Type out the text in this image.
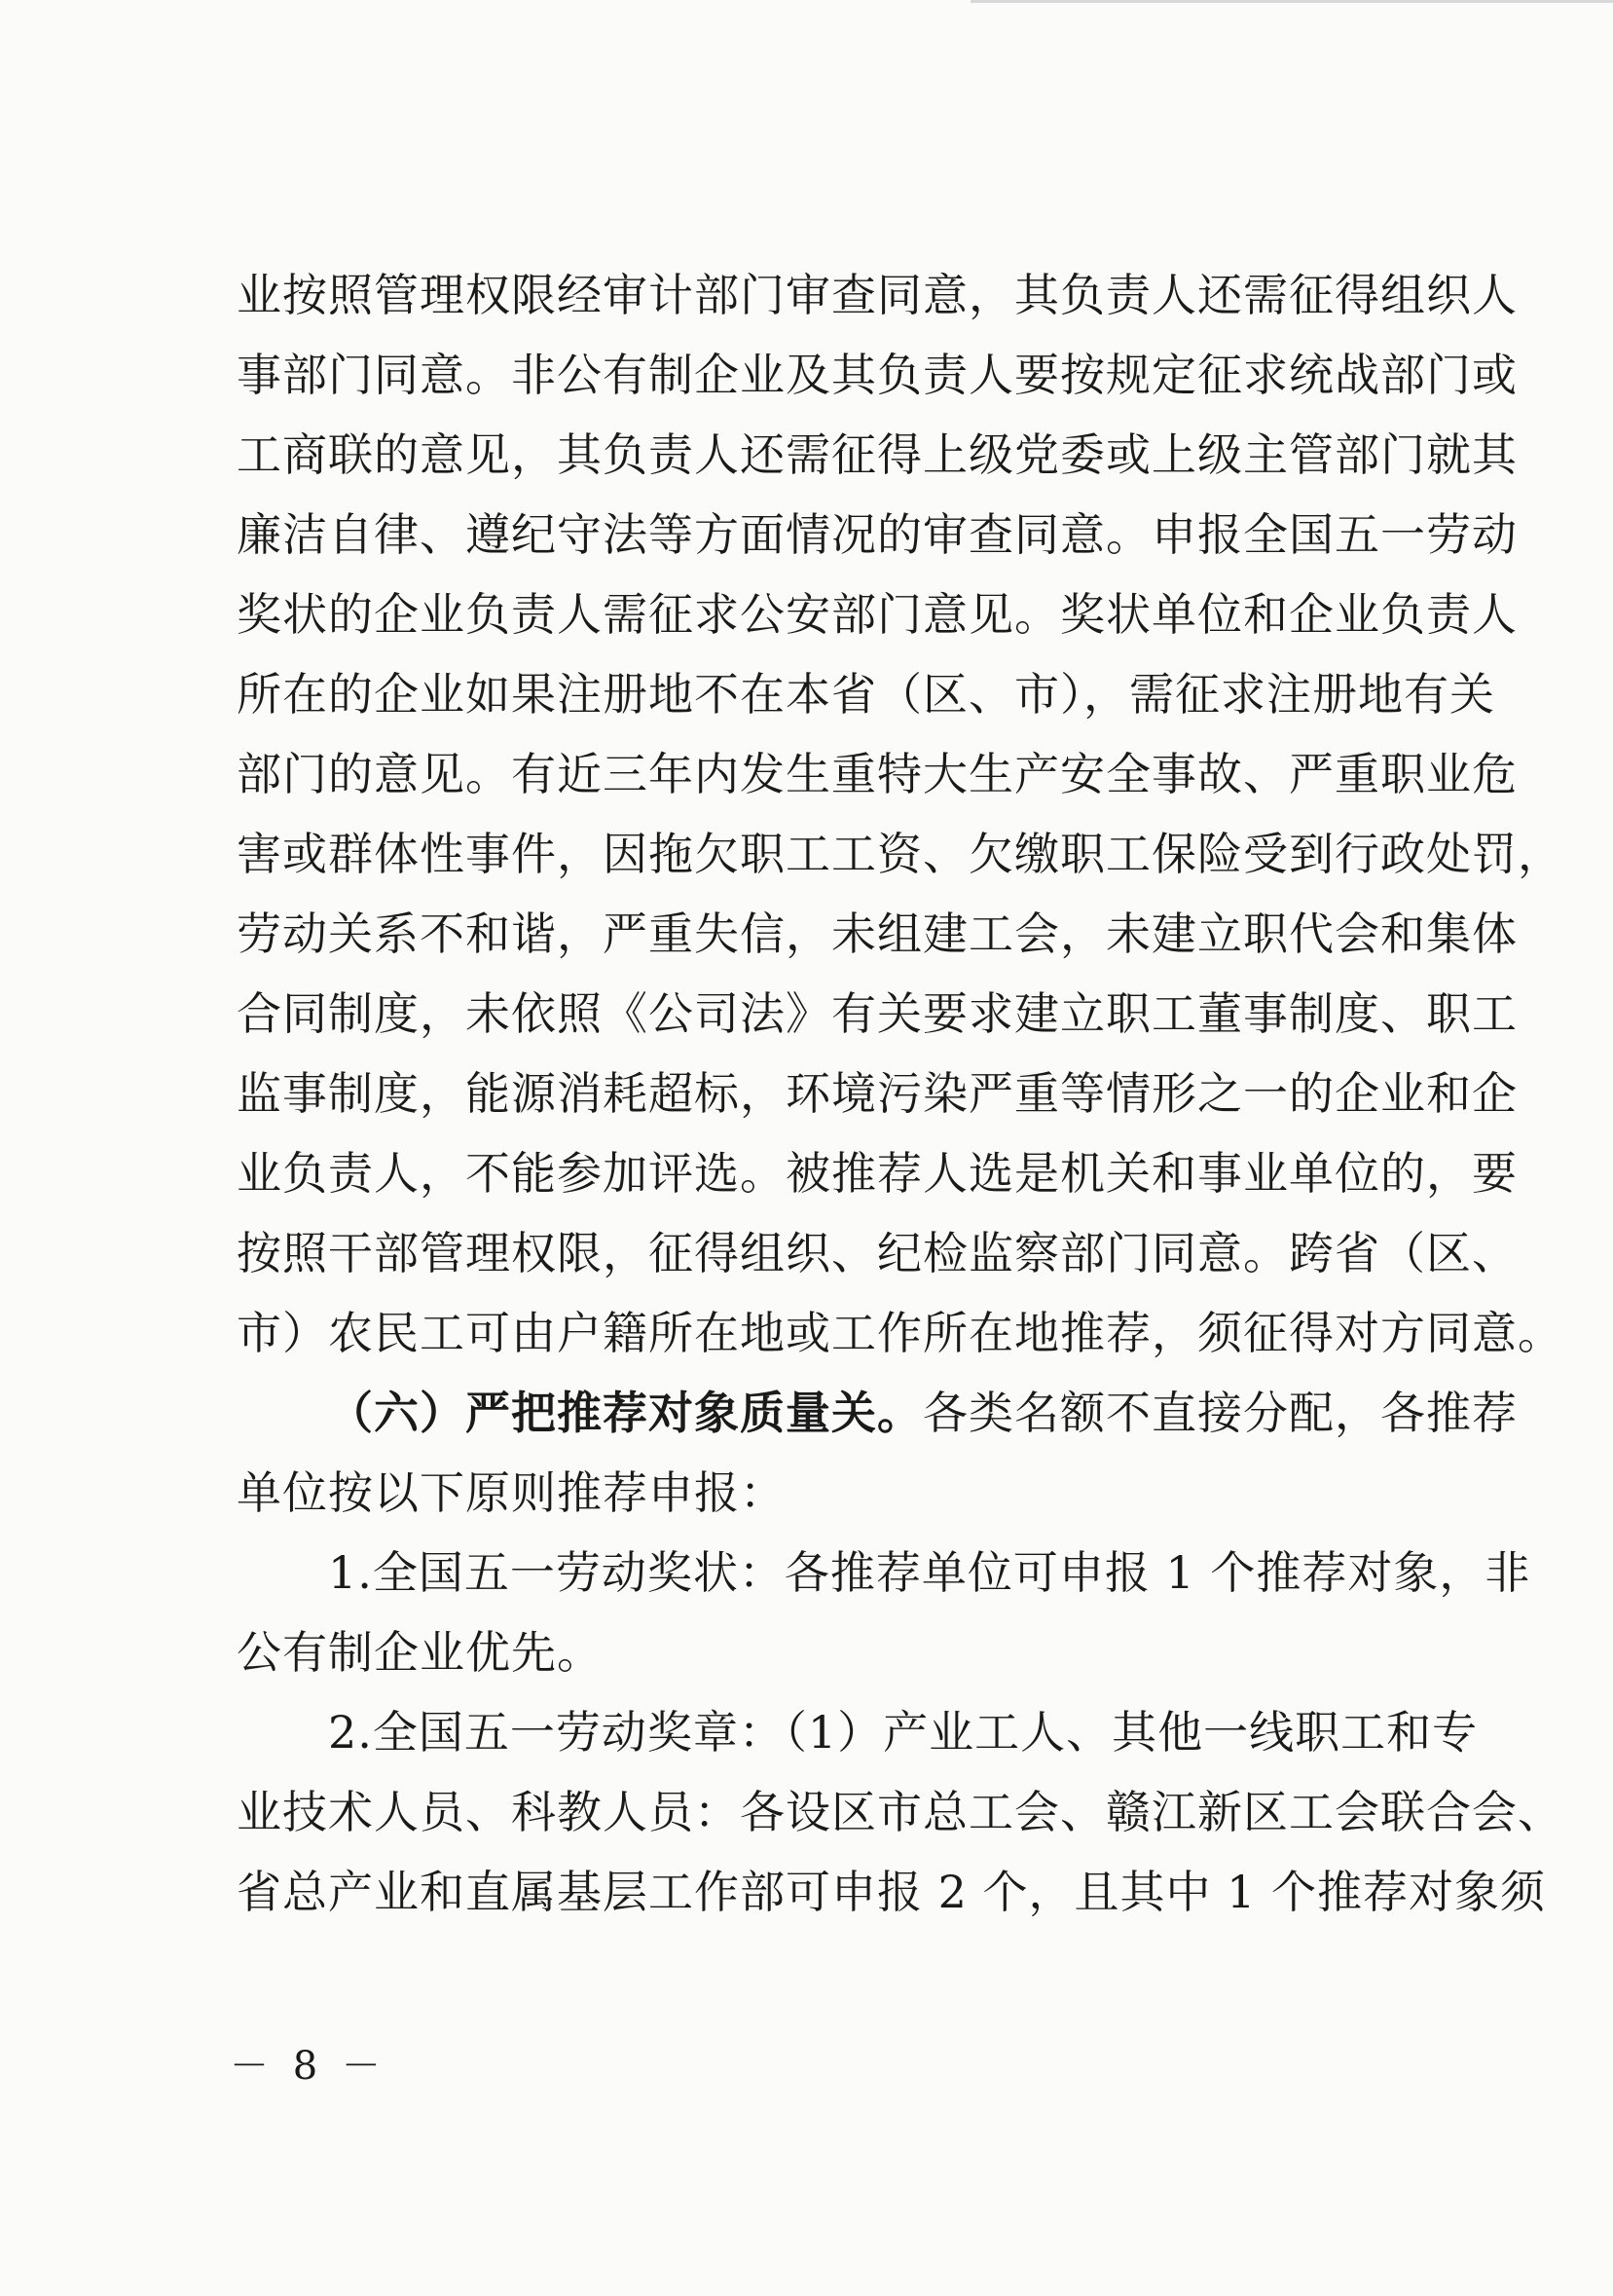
业按照管理权限经审计部门审查同意，其负责人还需征得组织人
事部门同意。非公有制企业及其负责人要按规定征求统战部门或
工商联的意见，其负责人还需征得上级党委或上级主管部门就其
廉洁自律、遵纪守法等方面情况的审查同意。申报全国五一劳动
奖状的企业负责人需征求公安部门意见。奖状单位和企业负责人
所在的企业如果注册地不在本省（区、市），需征求注册地有关
部门的意见。有近三年内发生重特大生产安全事故、严重职业危
害或群体性事件，因拖欠职工工资、欠缴职工保险受到行政处罚，
劳动关系不和谐，严重失信，未组建工会，未建立职代会和集体
合同制度，未依照《公司法》有关要求建立职工董事制度、职工
监事制度，能源消耗超标，环境污染严重等情形之一的企业和企
业负责人，不能参加评选。被推荐人选是机关和事业单位的，要
按照干部管理权限，征得组织、纪检监察部门同意。跨省（区、
市）农民工可由户籍所在地或工作所在地推荐，须征得对方同意。
（六）严把推荐对象质量关。各类名额不直接分配，各推荐
单位按以下原则推荐申报：
1.全国五一劳动奖状：各推荐单位可申报 1 个推荐对象，非
公有制企业优先。
2.全国五一劳动奖章：（1）产业工人、其他一线职工和专
业技术人员、科教人员：各设区市总工会、赣江新区工会联合会、
省总产业和直属基层工作部可申报 2 个，且其中 1 个推荐对象须
－ 8 －
